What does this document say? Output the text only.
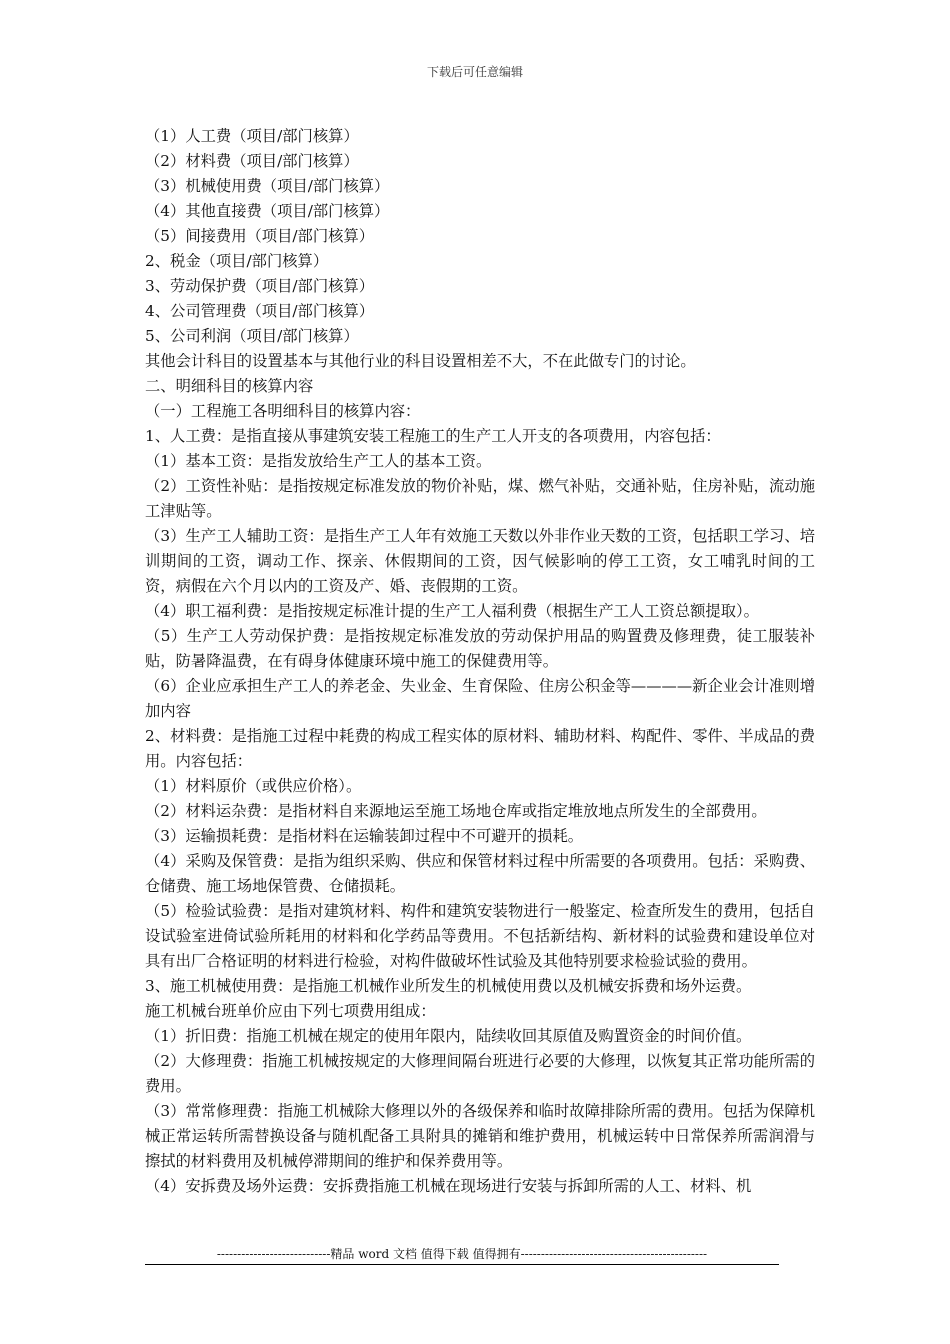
下载后可任意编辑
（1）人工费（项目/部门核算）
（2）材料费（项目/部门核算）
（3）机械使用费（项目/部门核算）
（4）其他直接费（项目/部门核算）
（5）间接费用（项目/部门核算）
2、税金（项目/部门核算）
3、劳动保护费（项目/部门核算）
4、公司管理费（项目/部门核算）
5、公司利润（项目/部门核算）
其他会计科目的设置基本与其他行业的科目设置相差不大，不在此做专门的讨论。
二、明细科目的核算内容
（一）工程施工各明细科目的核算内容：
1、人工费：是指直接从事建筑安装工程施工的生产工人开支的各项费用，内容包括：
（1）基本工资：是指发放给生产工人的基本工资。
（2）工资性补贴：是指按规定标准发放的物价补贴，煤、燃气补贴，交通补贴，住房补贴，流动施工津贴等。
（3）生产工人辅助工资：是指生产工人年有效施工天数以外非作业天数的工资，包括职工学习、培训期间的工资，调动工作、探亲、休假期间的工资，因气候影响的停工工资，女工哺乳时间的工资，病假在六个月以内的工资及产、婚、丧假期的工资。
（4）职工福利费：是指按规定标准计提的生产工人福利费（根据生产工人工资总额提取）。
（5）生产工人劳动保护费：是指按规定标准发放的劳动保护用品的购置费及修理费，徒工服装补贴，防暑降温费，在有碍身体健康环境中施工的保健费用等。
（6）企业应承担生产工人的养老金、失业金、生育保险、住房公积金等————新企业会计准则增加内容
2、材料费：是指施工过程中耗费的构成工程实体的原材料、辅助材料、构配件、零件、半成品的费用。内容包括：
（1）材料原价（或供应价格）。
（2）材料运杂费：是指材料自来源地运至施工场地仓库或指定堆放地点所发生的全部费用。
（3）运输损耗费：是指材料在运输装卸过程中不可避开的损耗。
（4）采购及保管费：是指为组织采购、供应和保管材料过程中所需要的各项费用。包括：采购费、仓储费、施工场地保管费、仓储损耗。
（5）检验试验费：是指对建筑材料、构件和建筑安装物进行一般鉴定、检查所发生的费用，包括自设试验室进倚试验所耗用的材料和化学药品等费用。不包括新结构、新材料的试验费和建设单位对具有出厂合格证明的材料进行检验，对构件做破坏性试验及其他特别要求检验试验的费用。
3、施工机械使用费：是指施工机械作业所发生的机械使用费以及机械安拆费和场外运费。
施工机械台班单价应由下列七项费用组成：
（1）折旧费：指施工机械在规定的使用年限内，陆续收回其原值及购置资金的时间价值。
（2）大修理费：指施工机械按规定的大修理间隔台班进行必要的大修理，以恢复其正常功能所需的费用。
（3）常常修理费：指施工机械除大修理以外的各级保养和临时故障排除所需的费用。包括为保障机械正常运转所需替换设备与随机配备工具附具的摊销和维护费用，机械运转中日常保养所需润滑与擦拭的材料费用及机械停滞期间的维护和保养费用等。
（4）安拆费及场外运费：安拆费指施工机械在现场进行安装与拆卸所需的人工、材料、机
----------------------------精品 word 文档 值得下载 值得拥有----------------------------------------------
